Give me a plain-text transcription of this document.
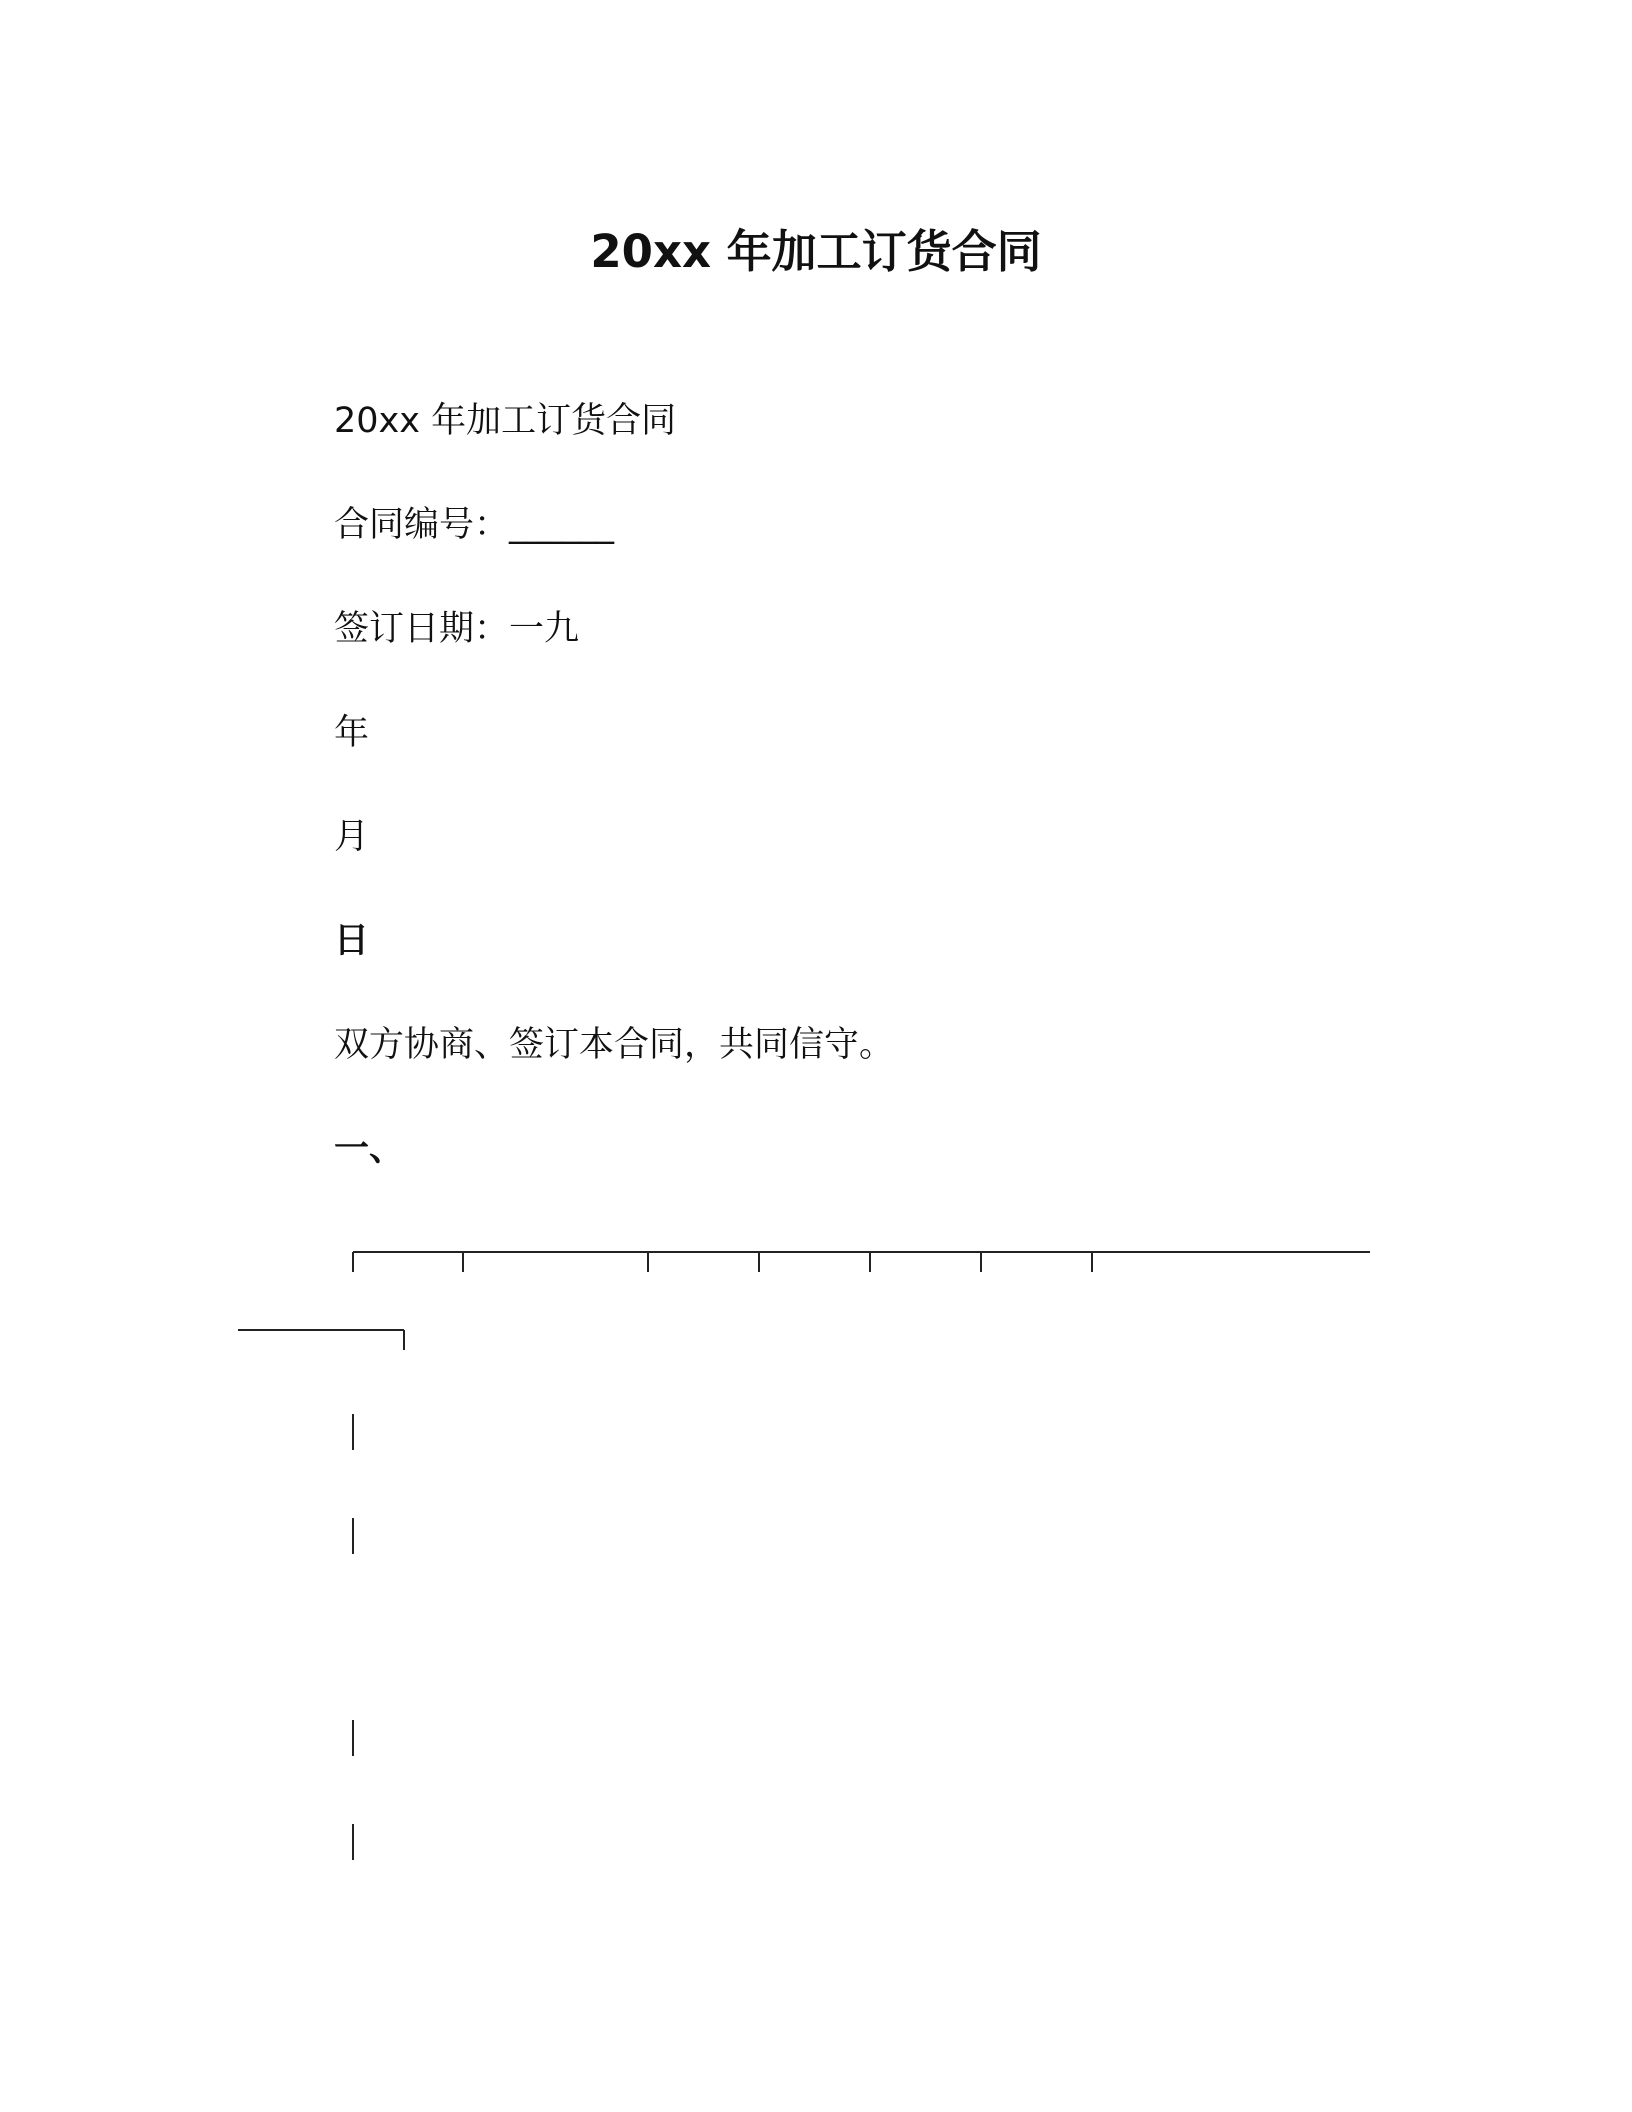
20xx 年加工订货合同
20xx 年加工订货合同
合同编号：______
签订日期：一九
年
月
日
双方协商、签订本合同，共同信守。
一、
